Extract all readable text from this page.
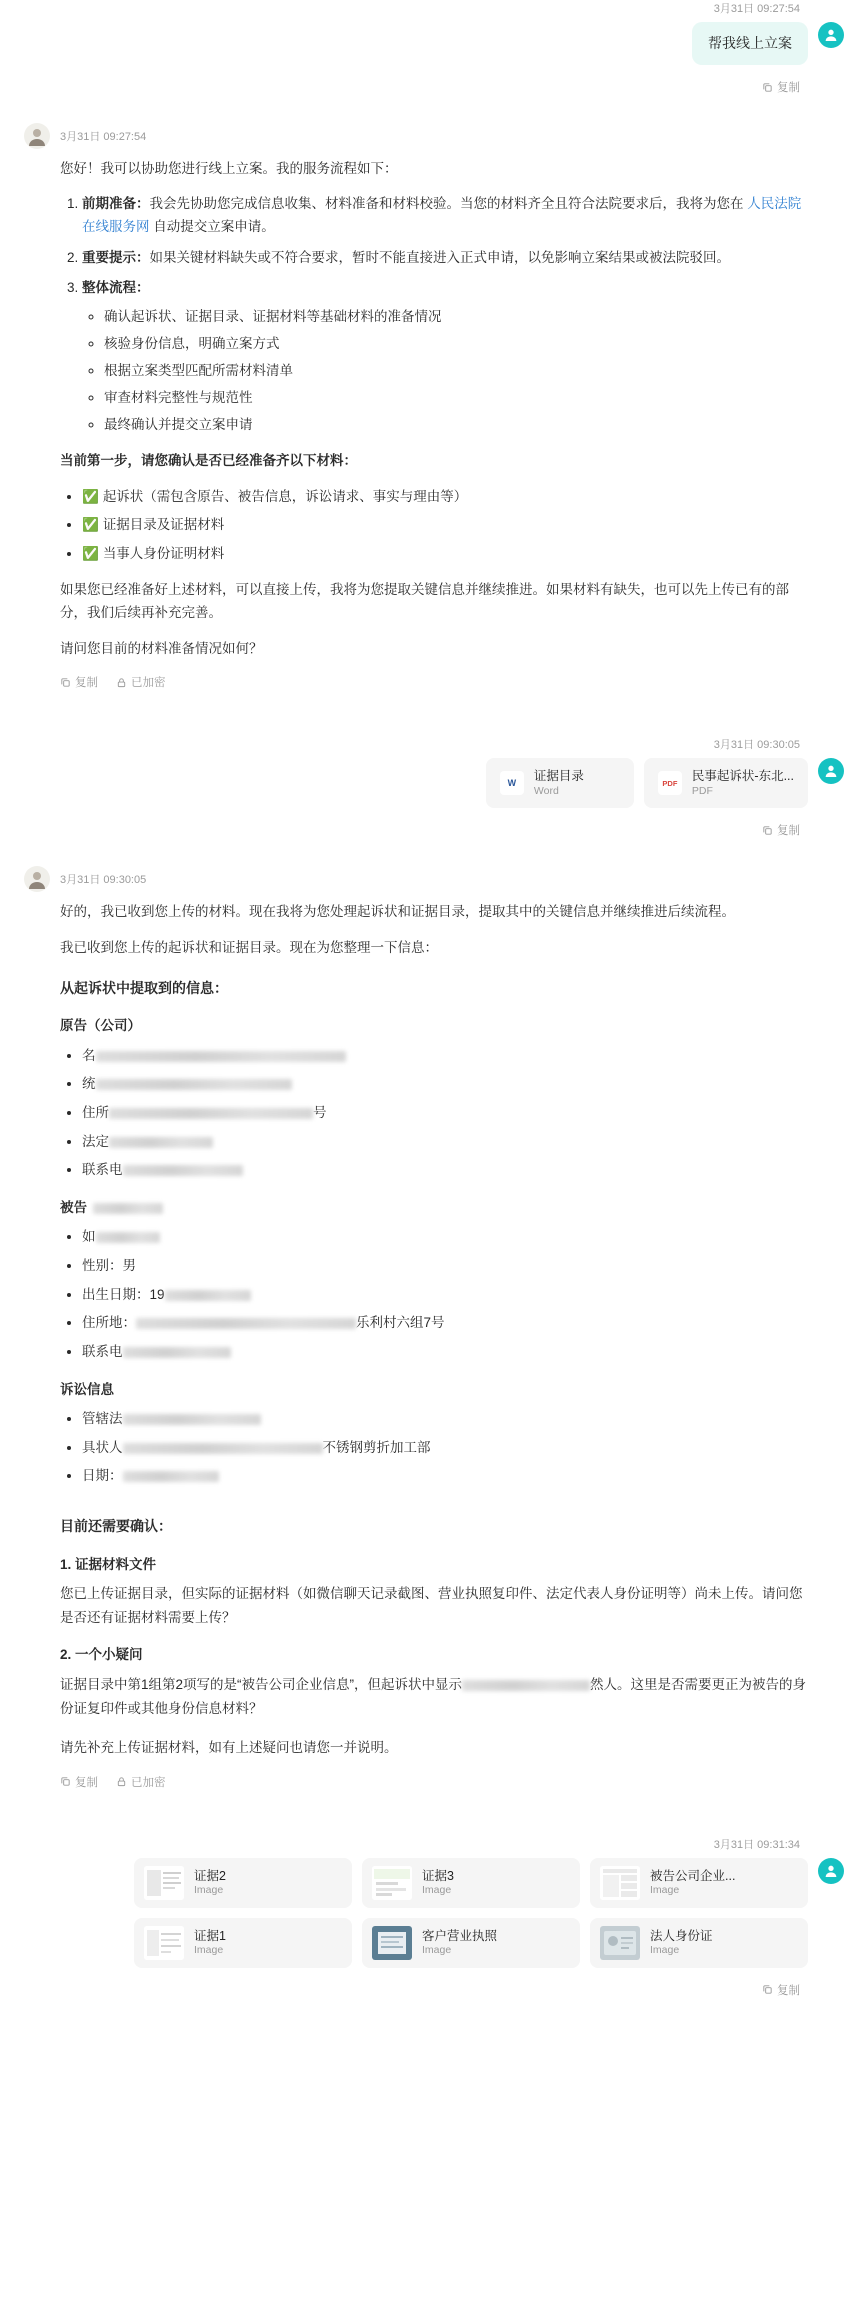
3月31日 09:27:54
帮我线上立案
复制
3月31日 09:27:54

您好！我可以协助您进行线上立案。我的服务流程如下：

1. 前期准备：我会先协助您完成信息收集、材料准备和材料校验。当您的材料齐全且符合法院要求后，我将为您在 人民法院在线服务网 自动提交立案申请。
2. 重要提示：如果关键材料缺失或不符合要求，暂时不能直接进入正式申请，以免影响立案结果或被法院驳回。
3. 整体流程：
◦ 确认起诉状、证据目录、证据材料等基础材料的准备情况
◦ 核验身份信息，明确立案方式
◦ 根据立案类型匹配所需材料清单
◦ 审查材料完整性与规范性
◦ 最终确认并提交立案申请

当前第一步，请您确认是否已经准备齐以下材料：

• ✅ 起诉状（需包含原告、被告信息，诉讼请求、事实与理由等）
• ✅ 证据目录及证据材料
• ✅ 当事人身份证明材料

如果您已经准备好上述材料，可以直接上传，我将为您提取关键信息并继续推进。如果材料有缺失，也可以先上传已有的部分，我们后续再补充完善。

请问您目前的材料准备情况如何？

复制	已加密
3月31日 09:30:05
W 证据目录
Word
PDF 民事起诉状-东北...
PDF
复制
3月31日 09:30:05

好的，我已收到您上传的材料。现在我将为您处理起诉状和证据目录，提取其中的关键信息并继续推进后续流程。

我已收到您上传的起诉状和证据目录。现在为您整理一下信息：

从起诉状中提取到的信息：
原告（公司）
• 名
• 统
• 住所	号
• 法定
• 联系电
被告
• 如
• 性别：男
• 出生日期：19
• 住所地：	乐利村六组7号
• 联系电
诉讼信息
• 管辖法
• 具状人	不锈钢剪折加工部
• 日期：
目前还需要确认：
1. 证据材料文件

您已上传证据目录，但实际的证据材料（如微信聊天记录截图、营业执照复印件、法定代表人身份证明等）尚未上传。请问您是否还有证据材料需要上传？

2. 一个小疑问

证据目录中第1组第2项写的是“被告公司企业信息”，但起诉状中显示	然人。这里是否需要更正为被告的身份证复印件或其他身份信息材料？

请先补充上传证据材料，如有上述疑问也请您一并说明。

复制	已加密
3月31日 09:31:34
证据2
Image
证据3
Image
被告公司企业...
Image
证据1
Image
客户营业执照
Image
法人身份证
Image
复制
